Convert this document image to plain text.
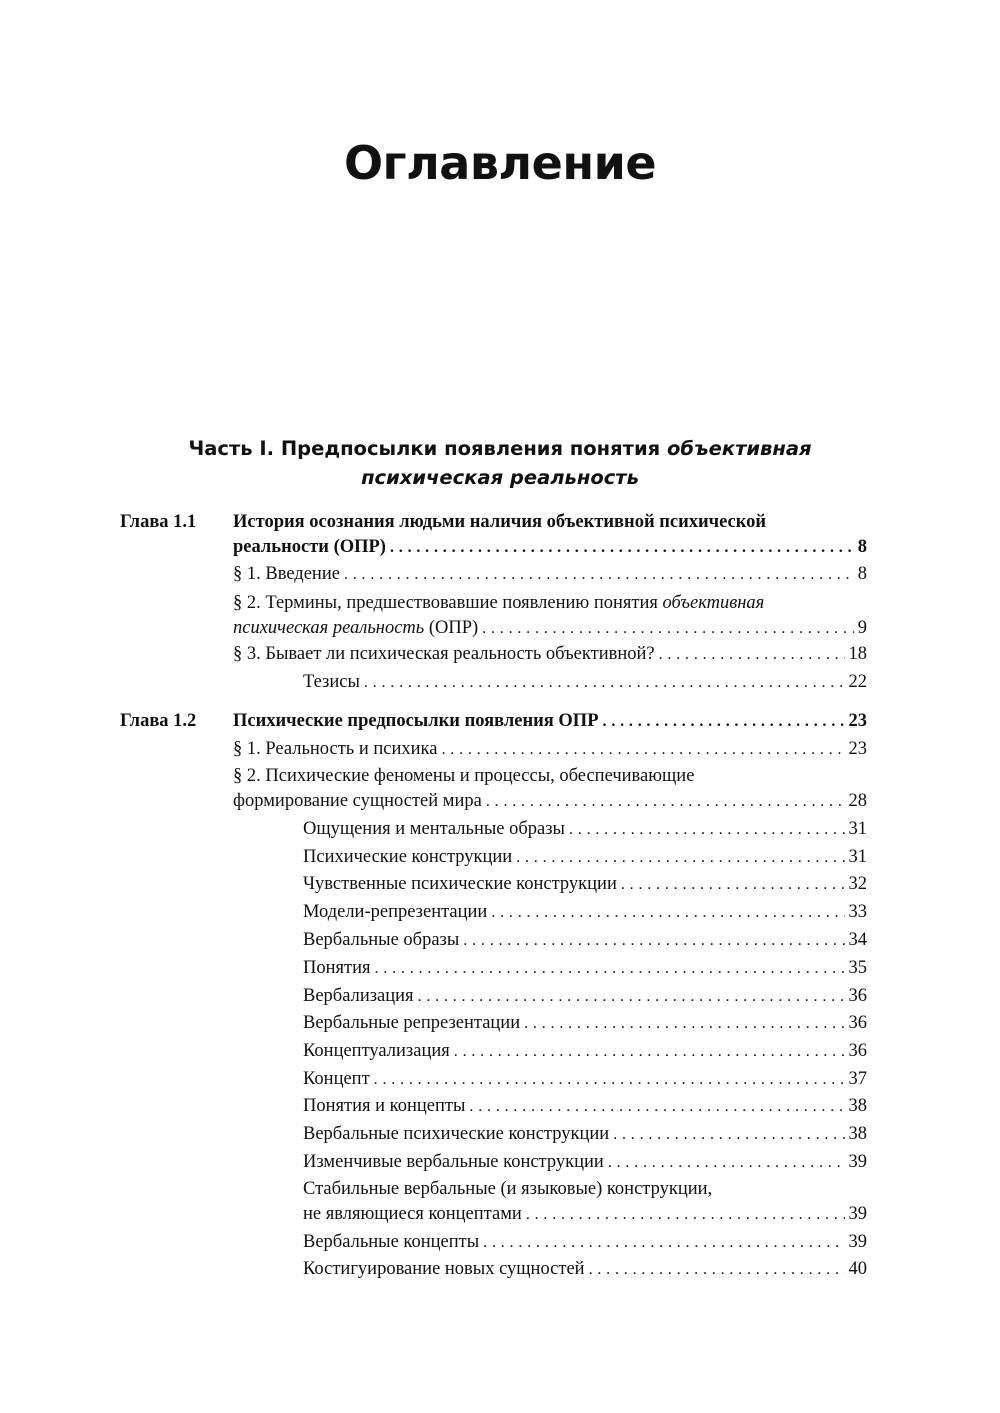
Оглавление
Часть I. Предпосылки появления понятия объективная
психическая реальность
Глава 1.1 История осознания людьми наличия объективной психической
реальности (ОПР) . . .	8
§ 1. Введение . . .	8
§ 2. Термины, предшествовавшие появлению понятия объективная
психическая реальность (ОПР) . . .	9
§ 3. Бывает ли психическая реальность объективной? . . .	18
Тезисы . . .	22
Глава 1.2 Психические предпосылки появления ОПР . . .	23
§ 1. Реальность и психика . . .	23
§ 2. Психические феномены и процессы, обеспечивающие
формирование сущностей мира . . .	28
Ощущения и ментальные образы . . .	31
Психические конструкции . . .	31
Чувственные психические конструкции . . .	32
Модели-репрезентации . . .	33
Вербальные образы . . .	34
Понятия . . .	35
Вербализация . . .	36
Вербальные репрезентации . . .	36
Концептуализация . . .	36
Концепт . . .	37
Понятия и концепты . . .	38
Вербальные психические конструкции . . .	38
Изменчивые вербальные конструкции . . .	39
Стабильные вербальные (и языковые) конструкции,
не являющиеся концептами . . .	39
Вербальные концепты . . .	39
Костигуирование новых сущностей . . .	40
